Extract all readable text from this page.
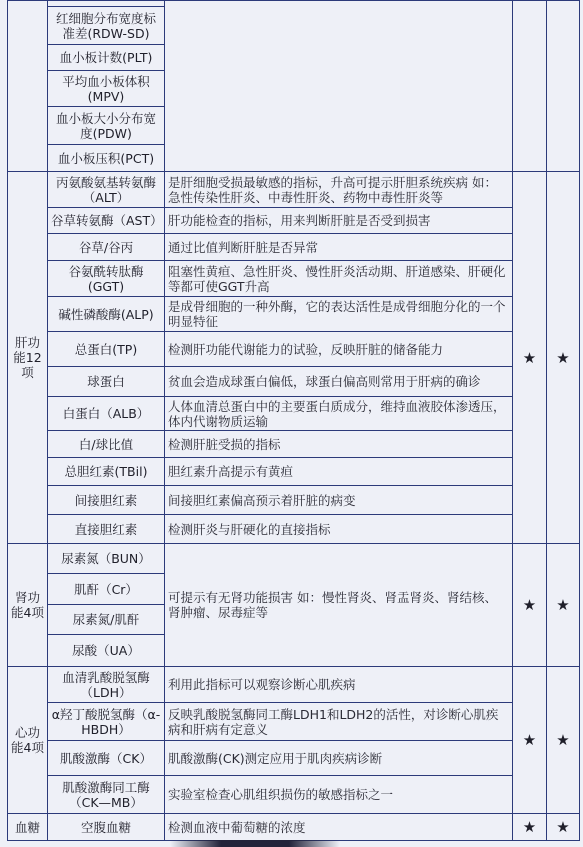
	红细胞分布宽度标准差(RDW-SD)			
	血小板计数(PLT)			
	平均血小板体积(MPV)			
	血小板大小分布宽度(PDW)			
	血小板压积(PCT)			
肝功能12项	丙氨酸氨基转氨酶（ALT）	是肝细胞受损最敏感的指标，升高可提示肝胆系统疾病 如：急性传染性肝炎、中毒性肝炎、药物中毒性肝炎等	★	★
	谷草转氨酶（AST）	肝功能检查的指标，用来判断肝脏是否受到损害		
	谷草/谷丙	通过比值判断肝脏是否异常		
	谷氨酰转肽酶(GGT)	阻塞性黄疸、急性肝炎、慢性肝炎活动期、肝道感染、肝硬化等都可使GGT升高		
	碱性磷酸酶(ALP)	是成骨细胞的一种外酶，它的表达活性是成骨细胞分化的一个明显特征		
	总蛋白(TP)	检测肝功能代谢能力的试验，反映肝脏的储备能力		
	球蛋白	贫血会造成球蛋白偏低，球蛋白偏高则常用于肝病的确诊		
	白蛋白（ALB）	人体血清总蛋白中的主要蛋白质成分，维持血液胶体渗透压，体内代谢物质运输		
	白/球比值	检测肝脏受损的指标		
	总胆红素(TBil)	胆红素升高提示有黄疸		
	间接胆红素	间接胆红素偏高预示着肝脏的病变		
	直接胆红素	检测肝炎与肝硬化的直接指标		
肾功能4项	尿素氮（BUN）	可提示有无肾功能损害 如：慢性肾炎、肾盂肾炎、肾结核、肾肿瘤、尿毒症等	★	★
	肌酐（Cr）			
	尿素氮/肌酐			
	尿酸（UA）			
心功能4项	血清乳酸脱氢酶（LDH）	利用此指标可以观察诊断心肌疾病	★	★
	α羟丁酸脱氢酶（α-HBDH）	反映乳酸脱氢酶同工酶LDH1和LDH2的活性，对诊断心肌疾病和肝病有定意义		
	肌酸激酶（CK）	肌酸激酶(CK)测定应用于肌肉疾病诊断		
	肌酸激酶同工酶（CK—MB）	实验室检查心肌组织损伤的敏感指标之一		
血糖	空腹血糖	检测血液中葡萄糖的浓度	★	★
